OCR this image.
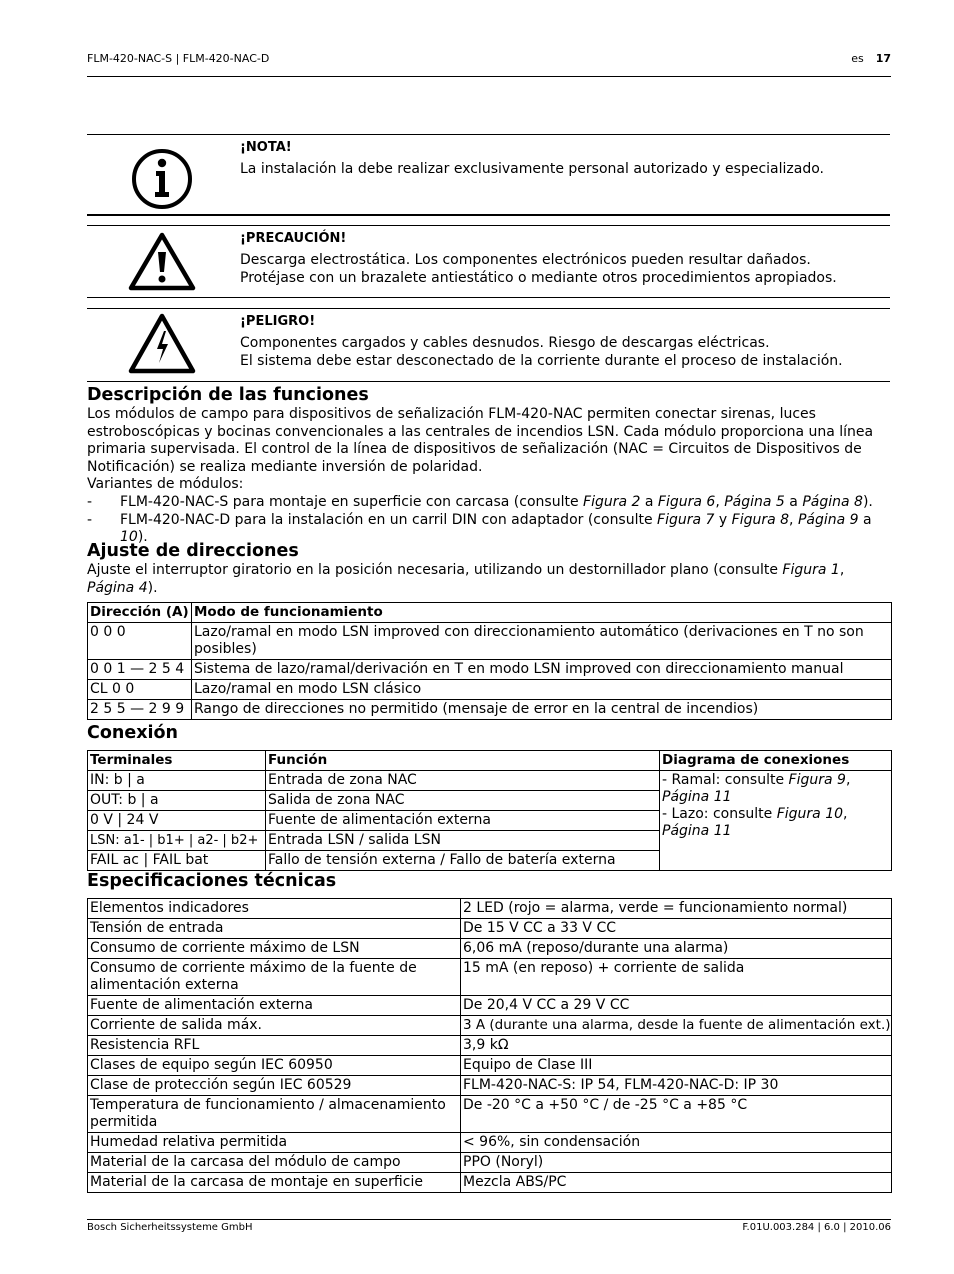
FLM-420-NAC-S | FLM-420-NAC-D	es 17
¡NOTA!
La instalación la debe realizar exclusivamente personal autorizado y especializado.
¡PRECAUCIÓN!
Descarga electrostática. Los componentes electrónicos pueden resultar dañados.
Protéjase con un brazalete antiestático o mediante otros procedimientos apropiados.
¡PELIGRO!
Componentes cargados y cables desnudos. Riesgo de descargas eléctricas.
El sistema debe estar desconectado de la corriente durante el proceso de instalación.
Descripción de las funciones

Los módulos de campo para dispositivos de señalización FLM-420-NAC permiten conectar sirenas, luces estroboscópicas y bocinas convencionales a las centrales de incendios LSN. Cada módulo proporciona una línea primaria supervisada. El control de la línea de dispositivos de señalización (NAC = Circuitos de Dispositivos de Notificación) se realiza mediante inversión de polaridad.

Variantes de módulos:

- FLM-420-NAC-S para montaje en superficie con carcasa (consulte Figura 2 a Figura 6, Página 5 a Página 8).
- FLM-420-NAC-D para la instalación en un carril DIN con adaptador (consulte Figura 7 y Figura 8, Página 9 a 10).
Ajuste de direcciones

Ajuste el interruptor giratorio en la posición necesaria, utilizando un destornillador plano (consulte Figura 1,
Página 4).

Dirección (A)	Modo de funcionamiento
0 0 0	Lazo/ramal en modo LSN improved con direccionamiento automático (derivaciones en T no son posibles)
0 0 1 — 2 5 4	Sistema de lazo/ramal/derivación en T en modo LSN improved con direccionamiento manual
CL 0 0	Lazo/ramal en modo LSN clásico
2 5 5 — 2 9 9	Rango de direcciones no permitido (mensaje de error en la central de incendios)
Conexión
Terminales	Función	Diagrama de conexiones
IN: b | a	Entrada de zona NAC	- Ramal: consulte Figura 9,
Página 11
- Lazo: consulte Figura 10,
Página 11
OUT: b | a	Salida de zona NAC	
0 V | 24 V	Fuente de alimentación externa	
LSN: a1- | b1+ | a2- | b2+	Entrada LSN / salida LSN	
FAIL ac | FAIL bat	Fallo de tensión externa / Fallo de batería externa	
Especificaciones técnicas
Elementos indicadores	2 LED (rojo = alarma, verde = funcionamiento normal)
Tensión de entrada	De 15 V CC a 33 V CC
Consumo de corriente máximo de LSN	6,06 mA (reposo/durante una alarma)
Consumo de corriente máximo de la fuente de alimentación externa	15 mA (en reposo) + corriente de salida
Fuente de alimentación externa	De 20,4 V CC a 29 V CC
Corriente de salida máx.	3 A (durante una alarma, desde la fuente de alimentación ext.)
Resistencia RFL	3,9 kΩ
Clases de equipo según IEC 60950	Equipo de Clase III
Clase de protección según IEC 60529	FLM-420-NAC-S: IP 54, FLM-420-NAC-D: IP 30
Temperatura de funcionamiento / almacenamiento permitida	De -20 °C a +50 °C / de -25 °C a +85 °C
Humedad relativa permitida	< 96%, sin condensación
Material de la carcasa del módulo de campo	PPO (Noryl)
Material de la carcasa de montaje en superficie	Mezcla ABS/PC
Bosch Sicherheitssysteme GmbH	F.01U.003.284 | 6.0 | 2010.06
